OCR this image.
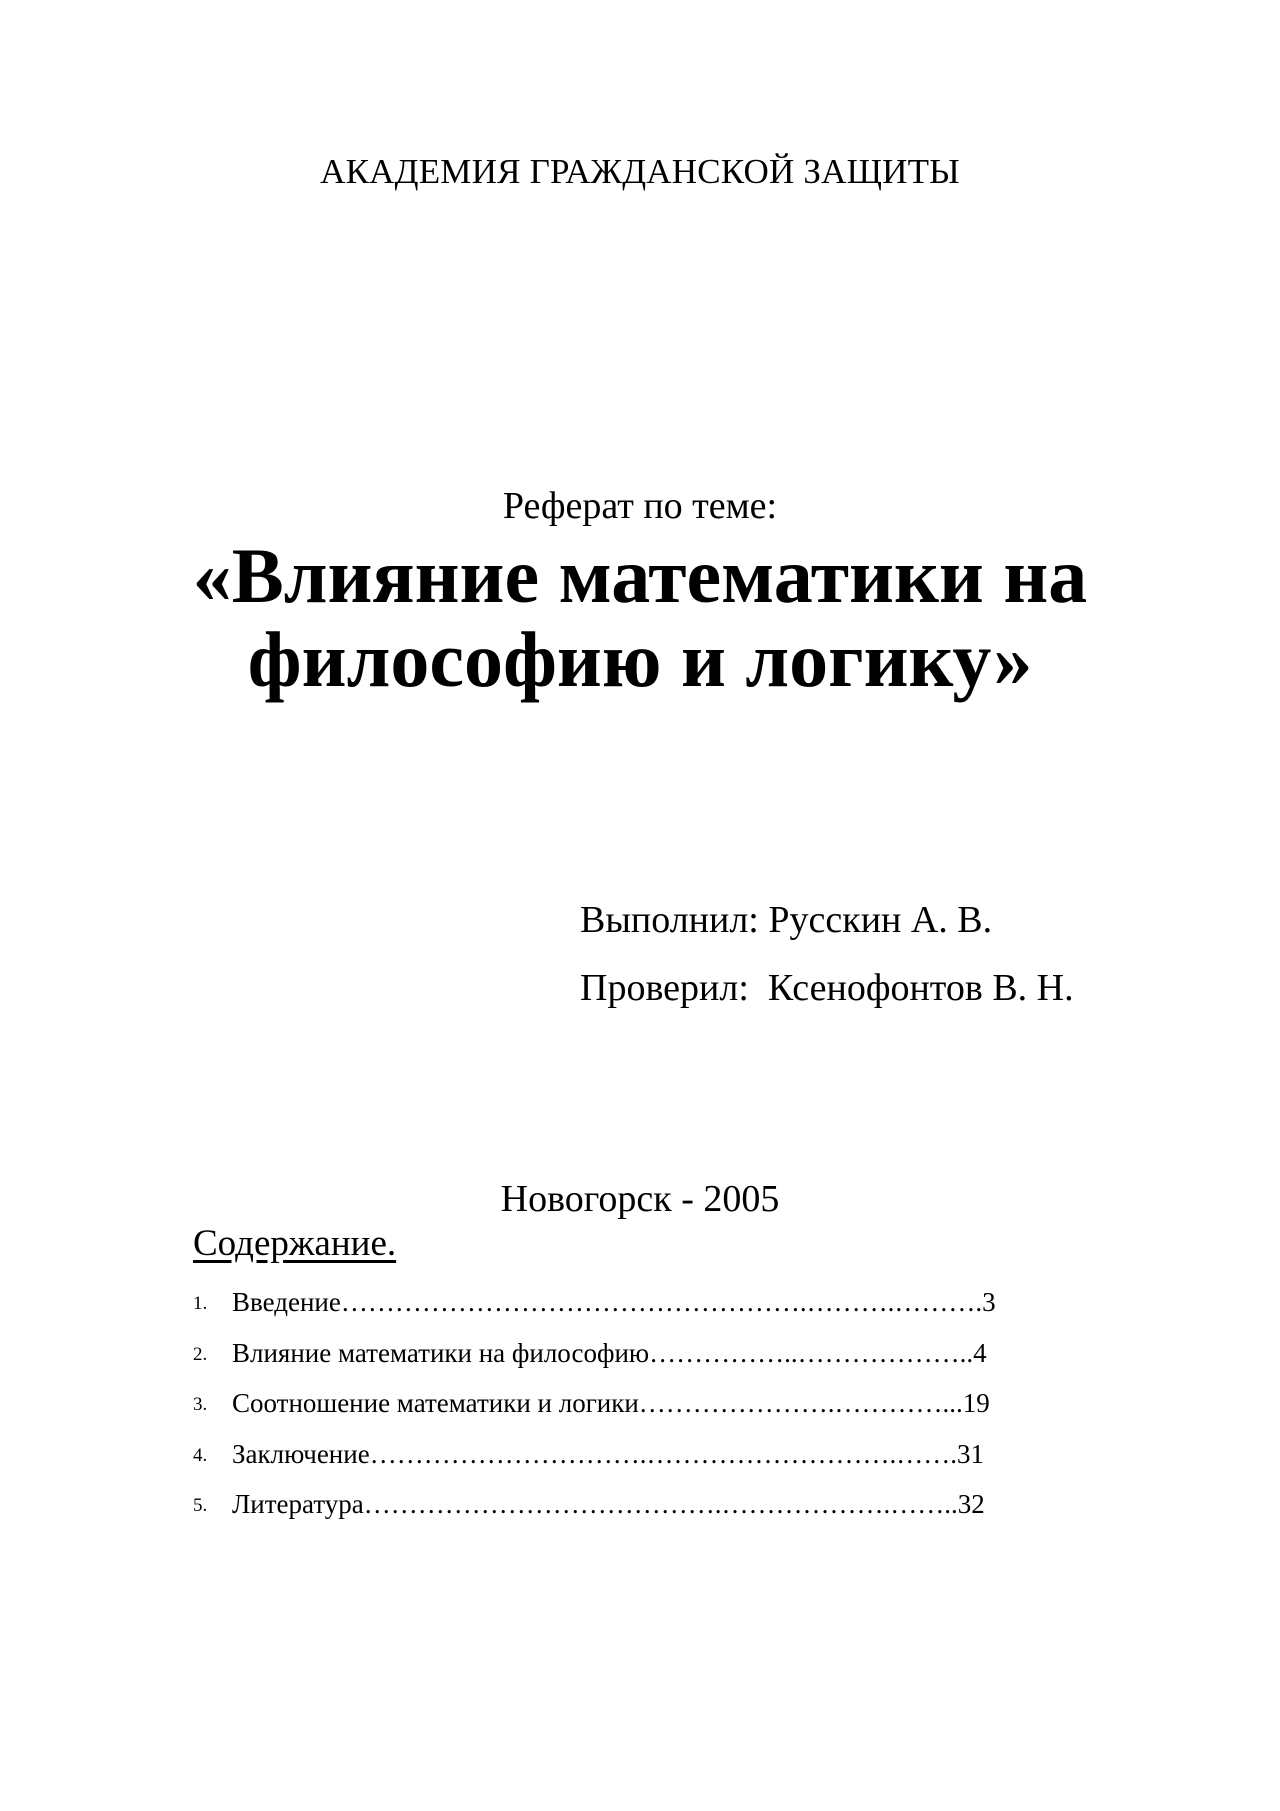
АКАДЕМИЯ ГРАЖДАНСКОЙ ЗАЩИТЫ
Реферат по теме:
«Влияние математики на
философию и логику»
Выполнил: Русскин А. В.
Проверил:  Ксенофонтов В. Н.
Новогорск - 2005
Содержание.
1. Введение…………………………………………….……….……….3
2. Влияние математики на философию……………..………………..4
3. Соотношение математики и логики………………….…………...19
4. Заключение………………………….……………………….…….31
5. Литература………………………………….……………….……..32
